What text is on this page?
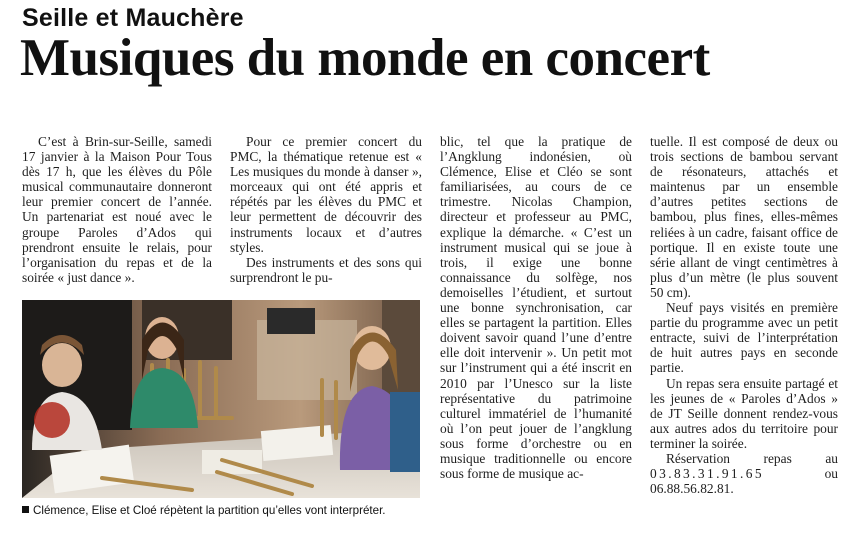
Seille et Mauchère
Musiques du monde en concert

C’est à Brin-sur-Seille, samedi 17 janvier à la Maison Pour Tous dès 17 h, que les élèves du Pôle musical communautaire donneront leur premier concert de l’année. Un partenariat est noué avec le groupe Paroles d’Ados qui prendront ensuite le relais, pour l’organisation du repas et de la soirée « just dance ».

Pour ce premier concert du PMC, la thématique retenue est « Les musiques du monde à danser », morceaux qui ont été appris et répétés par les élèves du PMC et leur permettent de découvrir des instruments locaux et d’autres styles.

Des instruments et des sons qui surprendront le pu-

blic, tel que la pratique de l’Angklung indonésien, où Clémence, Elise et Cléo se sont familiarisées, au cours de ce trimestre. Nicolas Champion, directeur et professeur au PMC, explique la démarche. « C’est un instrument musical qui se joue à trois, il exige une bonne connaissance du solfège, nos demoiselles l’étudient, et surtout une bonne synchronisation, car elles se partagent la partition. Elles doivent savoir quand l’une d’entre elle doit intervenir ». Un petit mot sur l’instrument qui a été inscrit en 2010 par l’Unesco sur la liste représentative du patrimoine culturel immatériel de l’humanité où l’on peut jouer de l’angklung sous forme d’orchestre ou en musique traditionnelle ou encore sous forme de musique ac-

tuelle. Il est composé de deux ou trois sections de bambou servant de résonateurs, attachés et maintenus par un ensemble d’autres petites sections de bambou, plus fines, elles-mêmes reliées à un cadre, faisant office de portique. Il en existe toute une série allant de vingt centimètres à plus d’un mètre (le plus souvent 50 cm).

Neuf pays visités en première partie du programme avec un petit entracte, suivi de l’interprétation de huit autres pays en seconde partie.

Un repas sera ensuite partagé et les jeunes de « Paroles d’Ados » de JT Seille donnent rendez-vous aux autres ados du territoire pour terminer la soirée.

Réservation repas au 03.83.31.91.65	ou 06.88.56.82.81.

Clémence, Elise et Cloé répètent la partition qu’elles vont interpréter.
